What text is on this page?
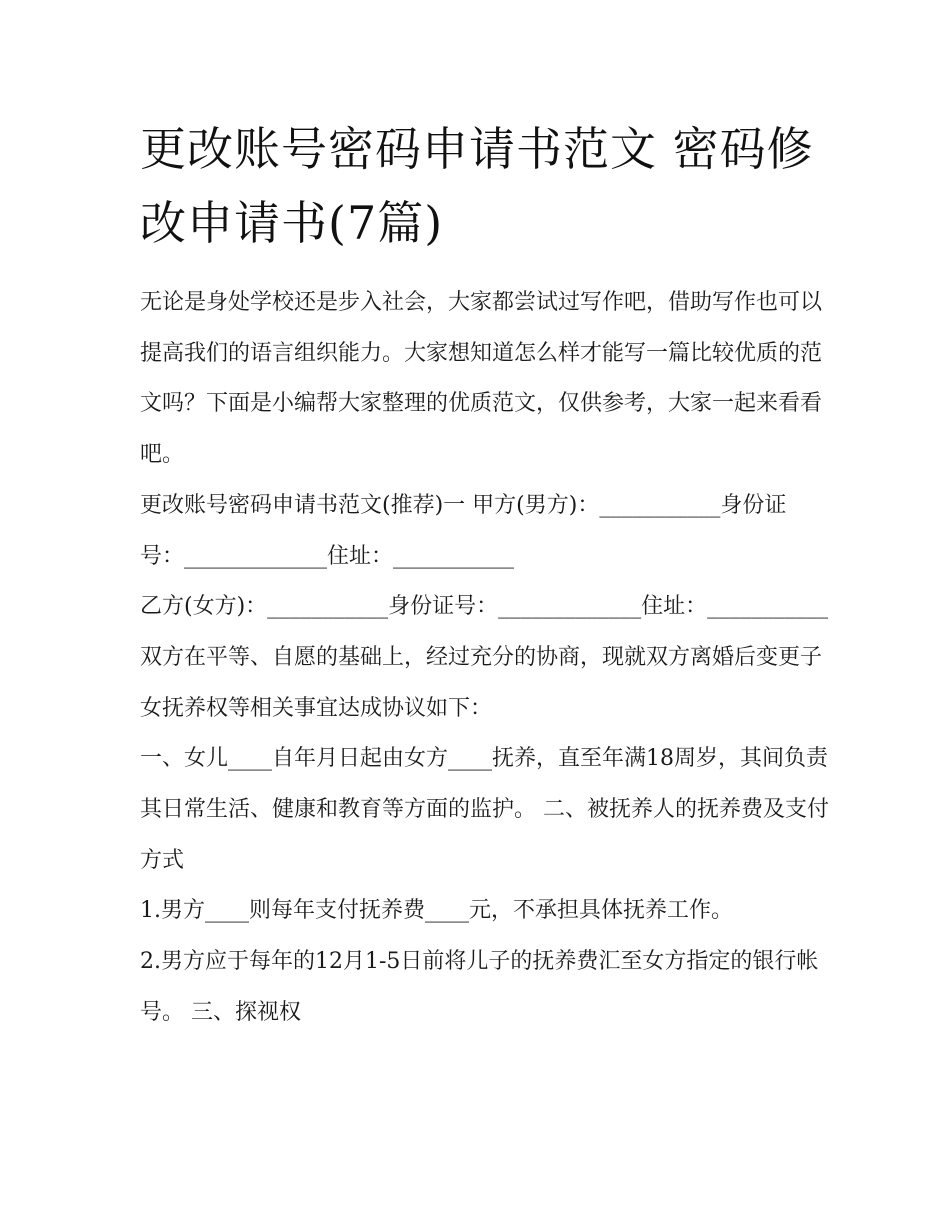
更改账号密码申请书范文 密码修改申请书(7篇)

无论是身处学校还是步入社会，大家都尝试过写作吧，借助写作也可以提高我们的语言组织能力。大家想知道怎么样才能写一篇比较优质的范文吗？下面是小编帮大家整理的优质范文，仅供参考，大家一起来看看吧。

更改账号密码申请书范文(推荐)一 甲方(男方)：___________身份证号：_____________住址：___________

乙方(女方)：___________身份证号：_____________住址：___________

双方在平等、自愿的基础上，经过充分的协商，现就双方离婚后变更子女抚养权等相关事宜达成协议如下：

一、女儿____自年月日起由女方____抚养，直至年满18周岁，其间负责其日常生活、健康和教育等方面的监护。 二、被抚养人的抚养费及支付方式

1.男方____则每年支付抚养费____元，不承担具体抚养工作。

2.男方应于每年的12月1-5日前将儿子的抚养费汇至女方指定的银行帐号。 三、探视权
